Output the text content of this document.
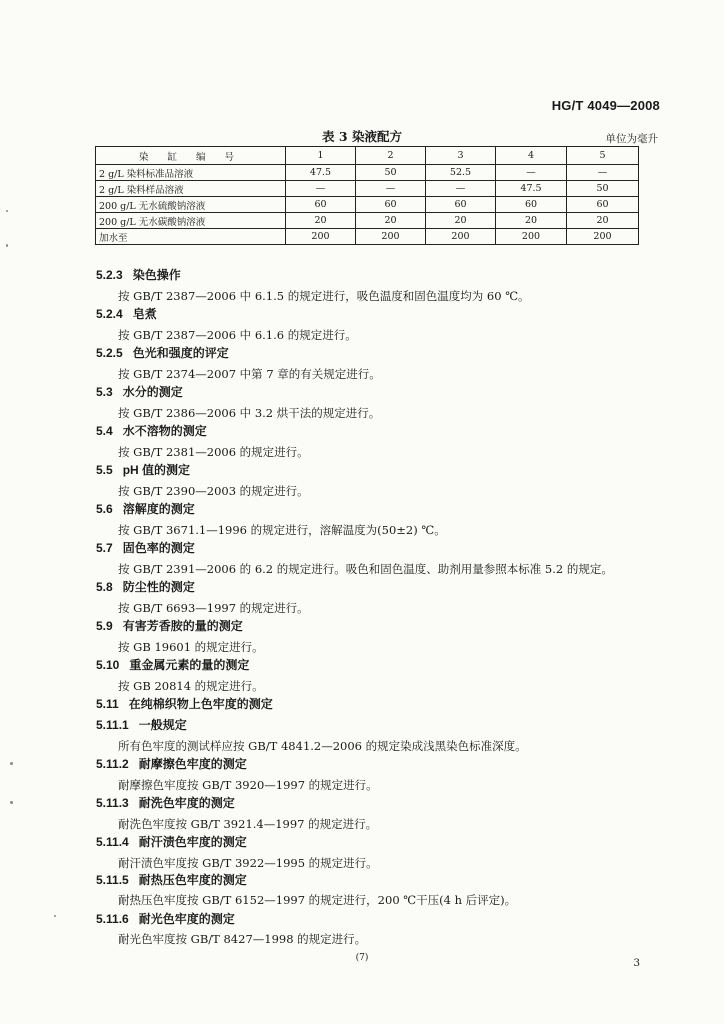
HG/T 4049—2008
表 3 染液配方	单位为毫升
染 缸 编 号	1	2	3	4	5
2 g/L 染料标准品溶液	47.5	50	52.5	—	—
2 g/L 染料样品溶液	—	—	—	47.5	50
200 g/L 无水硫酸钠溶液	60	60	60	60	60
200 g/L 无水碳酸钠溶液	20	20	20	20	20
加水至	200	200	200	200	200
5.2.3 染色操作
按 GB/T 2387—2006 中 6.1.5 的规定进行，吸色温度和固色温度均为 60 ℃。
5.2.4 皂煮
按 GB/T 2387—2006 中 6.1.6 的规定进行。
5.2.5 色光和强度的评定
按 GB/T 2374—2007 中第 7 章的有关规定进行。
5.3 水分的测定
按 GB/T 2386—2006 中 3.2 烘干法的规定进行。
5.4 水不溶物的测定
按 GB/T 2381—2006 的规定进行。
5.5 pH 值的测定
按 GB/T 2390—2003 的规定进行。
5.6 溶解度的测定
按 GB/T 3671.1—1996 的规定进行，溶解温度为(50±2) ℃。
5.7 固色率的测定
按 GB/T 2391—2006 的 6.2 的规定进行。吸色和固色温度、助剂用量参照本标准 5.2 的规定。
5.8 防尘性的测定
按 GB/T 6693—1997 的规定进行。
5.9 有害芳香胺的量的测定
按 GB 19601 的规定进行。
5.10 重金属元素的量的测定
按 GB 20814 的规定进行。
5.11 在纯棉织物上色牢度的测定
5.11.1 一般规定
所有色牢度的测试样应按 GB/T 4841.2—2006 的规定染成浅黑染色标准深度。
5.11.2 耐摩擦色牢度的测定
耐摩擦色牢度按 GB/T 3920—1997 的规定进行。
5.11.3 耐洗色牢度的测定
耐洗色牢度按 GB/T 3921.4—1997 的规定进行。
5.11.4 耐汗渍色牢度的测定
耐汗渍色牢度按 GB/T 3922—1995 的规定进行。
5.11.5 耐热压色牢度的测定
耐热压色牢度按 GB/T 6152—1997 的规定进行，200 ℃干压(4 h 后评定)。
5.11.6 耐光色牢度的测定
耐光色牢度按 GB/T 8427—1998 的规定进行。
(7)	3
